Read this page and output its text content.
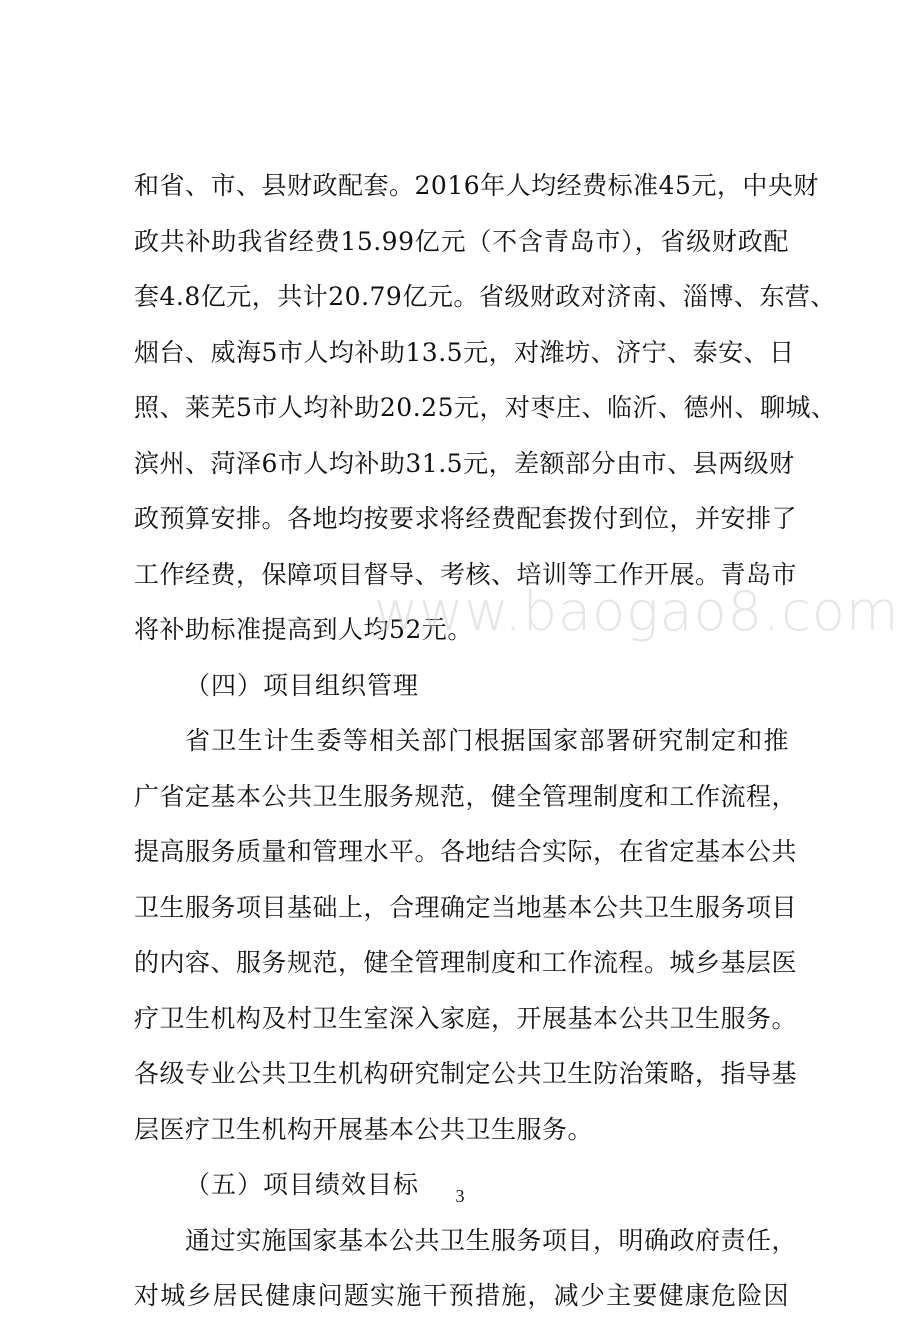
和省、市、县财政配套。2016年人均经费标准45元，中央财
政共补助我省经费15.99亿元（不含青岛市），省级财政配
套4.8亿元，共计20.79亿元。省级财政对济南、淄博、东营、
烟台、威海5市人均补助13.5元，对潍坊、济宁、泰安、日
照、莱芜5市人均补助20.25元，对枣庄、临沂、德州、聊城、
滨州、菏泽6市人均补助31.5元，差额部分由市、县两级财
政预算安排。各地均按要求将经费配套拨付到位，并安排了
工作经费，保障项目督导、考核、培训等工作开展。青岛市
将补助标准提高到人均52元。
（四）项目组织管理
省卫生计生委等相关部门根据国家部署研究制定和推
广省定基本公共卫生服务规范，健全管理制度和工作流程，
提高服务质量和管理水平。各地结合实际，在省定基本公共
卫生服务项目基础上，合理确定当地基本公共卫生服务项目
的内容、服务规范，健全管理制度和工作流程。城乡基层医
疗卫生机构及村卫生室深入家庭，开展基本公共卫生服务。
各级专业公共卫生机构研究制定公共卫生防治策略，指导基
层医疗卫生机构开展基本公共卫生服务。
（五）项目绩效目标
通过实施国家基本公共卫生服务项目，明确政府责任，
对城乡居民健康问题实施干预措施，减少主要健康危险因
www.baogao8.com
3
